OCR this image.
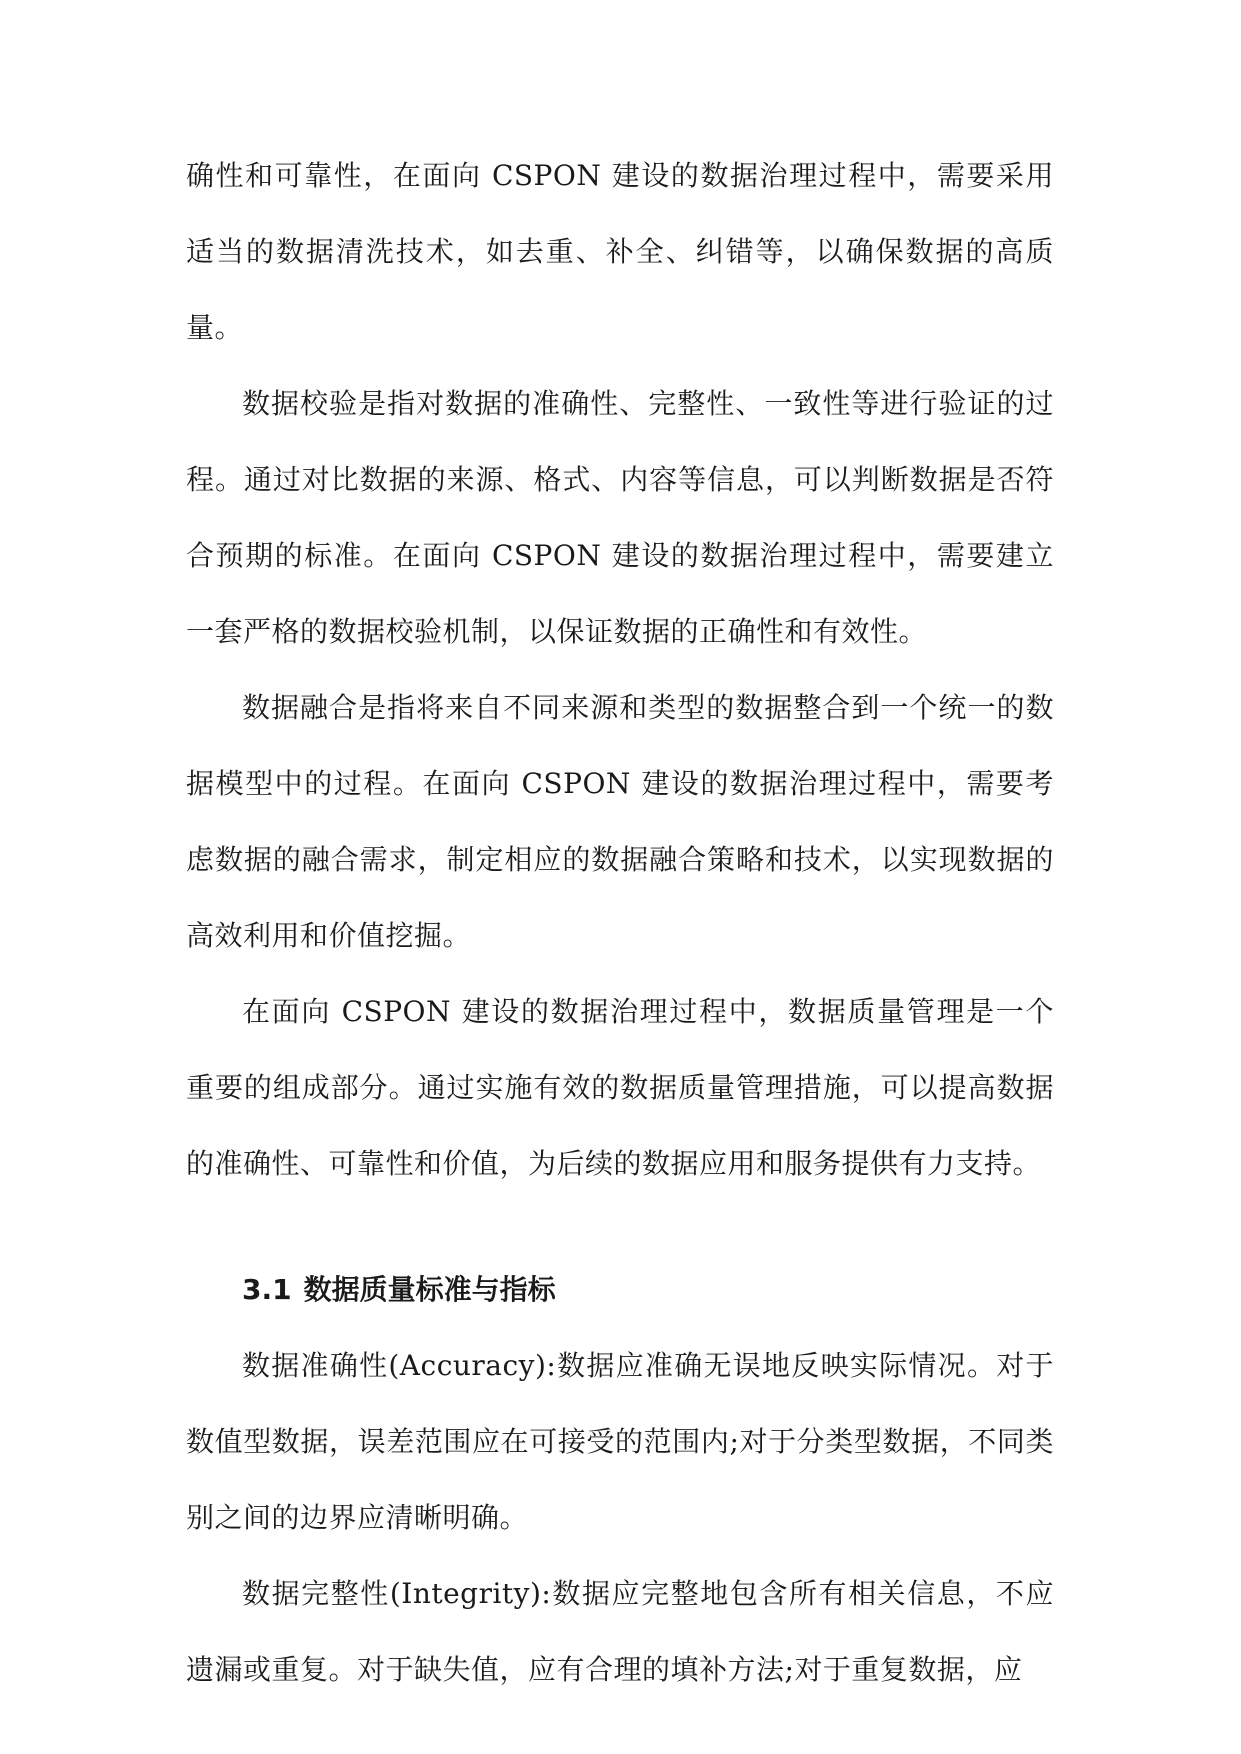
确性和可靠性，在面向 CSPON 建设的数据治理过程中，需要采用适当的数据清洗技术，如去重、补全、纠错等，以确保数据的高质量。

数据校验是指对数据的准确性、完整性、一致性等进行验证的过程。通过对比数据的来源、格式、内容等信息，可以判断数据是否符合预期的标准。在面向 CSPON 建设的数据治理过程中，需要建立一套严格的数据校验机制，以保证数据的正确性和有效性。

数据融合是指将来自不同来源和类型的数据整合到一个统一的数据模型中的过程。在面向 CSPON 建设的数据治理过程中，需要考虑数据的融合需求，制定相应的数据融合策略和技术，以实现数据的高效利用和价值挖掘。

在面向 CSPON 建设的数据治理过程中，数据质量管理是一个重要的组成部分。通过实施有效的数据质量管理措施，可以提高数据的准确性、可靠性和价值，为后续的数据应用和服务提供有力支持。

3.1 数据质量标准与指标

数据准确性(Accuracy):数据应准确无误地反映实际情况。对于数值型数据，误差范围应在可接受的范围内;对于分类型数据，不同类别之间的边界应清晰明确。

数据完整性(Integrity):数据应完整地包含所有相关信息，不应遗漏或重复。对于缺失值，应有合理的填补方法;对于重复数据，应
